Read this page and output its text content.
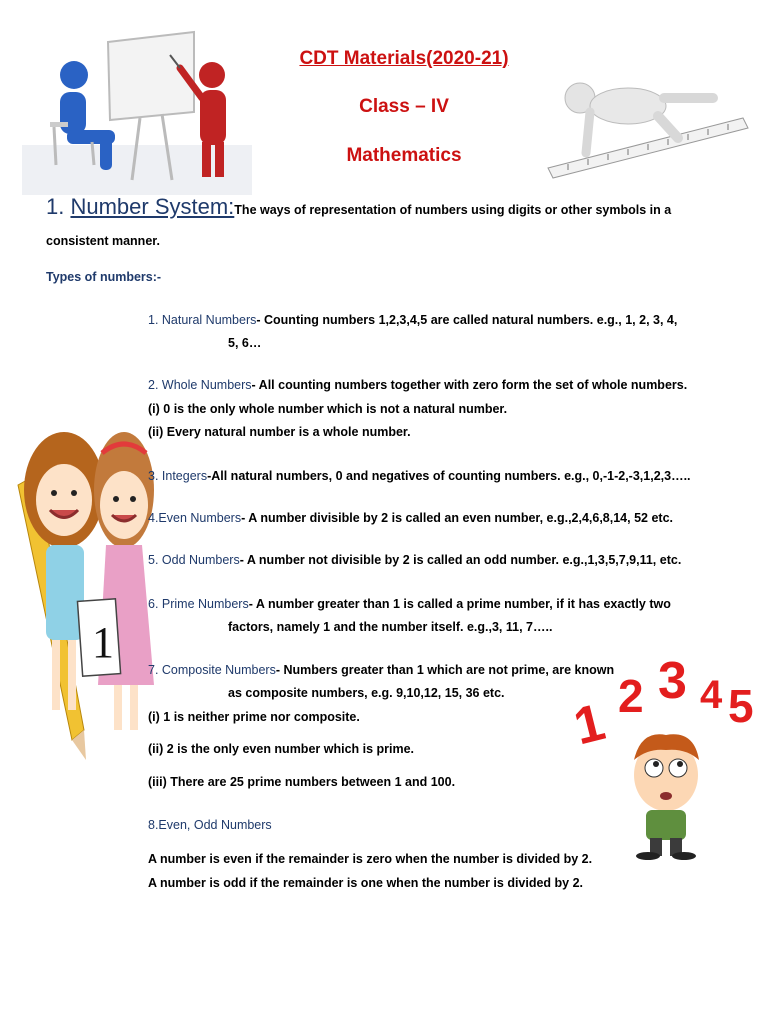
CDT Materials(2020-21)
Class – IV
Mathematics
1. Number System:The ways of representation of numbers using digits or other symbols in a
consistent manner.
Types of numbers:-
1
1 2 3 4 5
1. Natural Numbers- Counting numbers 1,2,3,4,5 are called natural numbers. e.g., 1, 2, 3, 4,
5, 6…
2. Whole Numbers- All counting numbers together with zero form the set of whole numbers.
(i) 0 is the only whole number which is not a natural number.
(ii) Every natural number is a whole number.
3. Integers-All natural numbers, 0 and negatives of counting numbers. e.g., 0,-1-2,-3,1,2,3…..
4.Even Numbers- A number divisible by 2 is called an even number, e.g.,2,4,6,8,14, 52 etc.
5. Odd Numbers- A number not divisible by 2 is called an odd number. e.g.,1,3,5,7,9,11, etc.
6. Prime Numbers- A number greater than 1 is called a prime number, if it has exactly two
factors, namely 1 and the number itself. e.g.,3, 11, 7…..
7. Composite Numbers- Numbers greater than 1 which are not prime, are known
as composite numbers, e.g. 9,10,12, 15, 36 etc.
(i) 1 is neither prime nor composite.
(ii) 2 is the only even number which is prime.
(iii) There are 25 prime numbers between 1 and 100.
8.Even, Odd Numbers
A number is even if the remainder is zero when the number is divided by 2.
A number is odd if the remainder is one when the number is divided by 2.
